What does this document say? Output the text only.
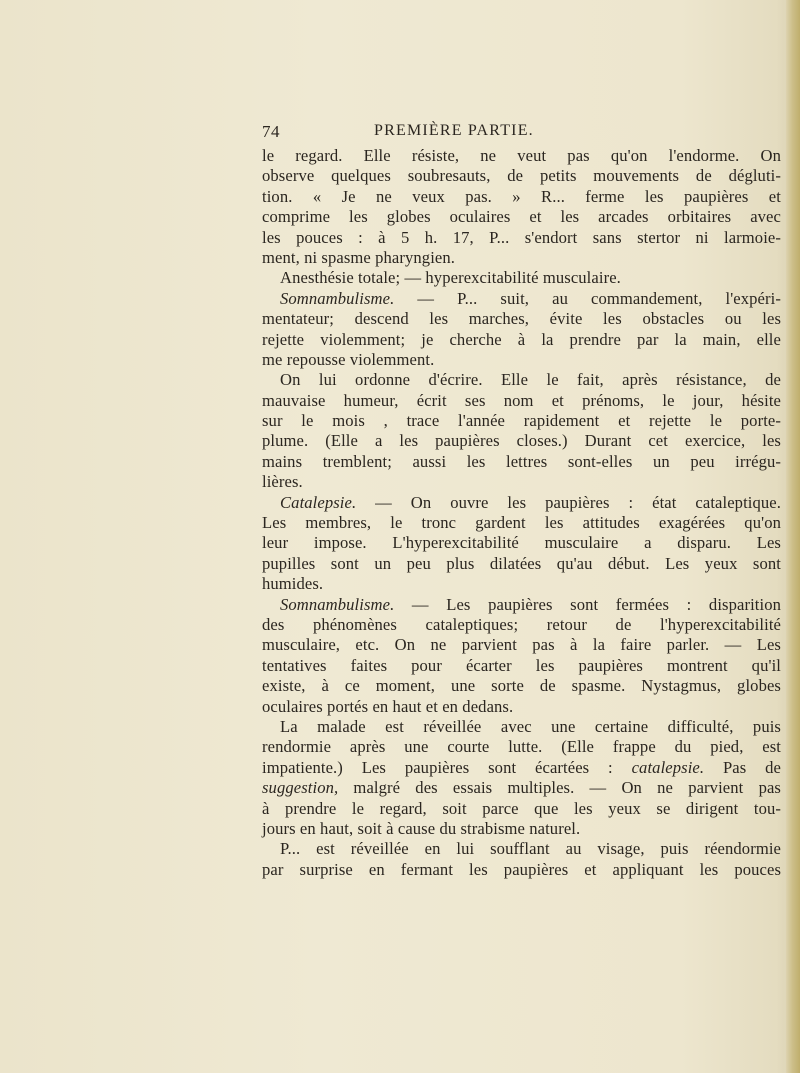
74	PREMIÈRE PARTIE.
le regard. Elle résiste, ne veut pas qu'on l'endorme. On
observe quelques soubresauts, de petits mouvements de dégluti-
tion. « Je ne veux pas. » R... ferme les paupières et
comprime les globes oculaires et les arcades orbitaires avec
les pouces : à 5 h. 17, P... s'endort sans stertor ni larmoie-
ment, ni spasme pharyngien.
Anesthésie totale; — hyperexcitabilité musculaire.
Somnambulisme. — P... suit, au commandement, l'expéri-
mentateur; descend les marches, évite les obstacles ou les
rejette violemment; je cherche à la prendre par la main, elle
me repousse violemment.
On lui ordonne d'écrire. Elle le fait, après résistance, de
mauvaise humeur, écrit ses nom et prénoms, le jour, hésite
sur le mois , trace l'année rapidement et rejette le porte-
plume. (Elle a les paupières closes.) Durant cet exercice, les
mains tremblent; aussi les lettres sont-elles un peu irrégu-
lières.
Catalepsie. — On ouvre les paupières : état cataleptique.
Les membres, le tronc gardent les attitudes exagérées qu'on
leur impose. L'hyperexcitabilité musculaire a disparu. Les
pupilles sont un peu plus dilatées qu'au début. Les yeux sont
humides.
Somnambulisme. — Les paupières sont fermées : disparition
des phénomènes cataleptiques; retour de l'hyperexcitabilité
musculaire, etc. On ne parvient pas à la faire parler. — Les
tentatives faites pour écarter les paupières montrent qu'il
existe, à ce moment, une sorte de spasme. Nystagmus, globes
oculaires portés en haut et en dedans.
La malade est réveillée avec une certaine difficulté, puis
rendormie après une courte lutte. (Elle frappe du pied, est
impatiente.) Les paupières sont écartées : catalepsie. Pas de
suggestion, malgré des essais multiples. — On ne parvient pas
à prendre le regard, soit parce que les yeux se dirigent tou-
jours en haut, soit à cause du strabisme naturel.
P... est réveillée en lui soufflant au visage, puis réendormie
par surprise en fermant les paupières et appliquant les pouces
